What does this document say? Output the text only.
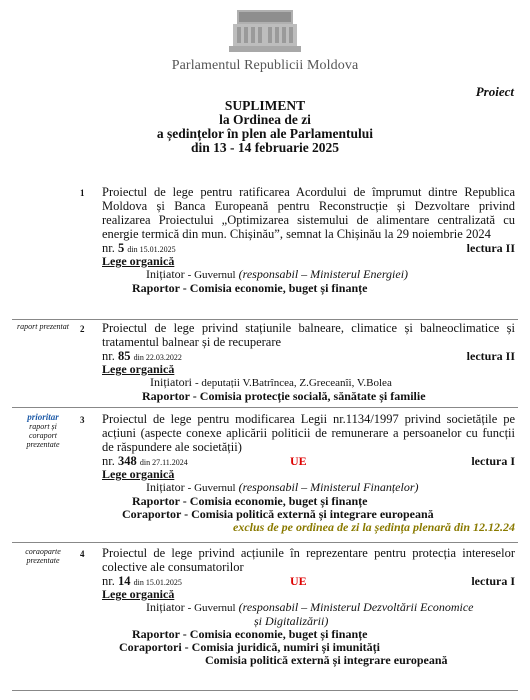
Parlamentul Republicii Moldova
Proiect
SUPLIMENT
la Ordinea de zi
a ședințelor în plen ale Parlamentului
din 13 - 14 februarie 2025
1 Proiectul de lege pentru ratificarea Acordului de împrumut dintre Republica Moldova și Banca Europeană pentru Reconstrucție și Dezvoltare privind realizarea Proiectului „Optimizarea sistemului de alimentare centralizată cu energie termică din mun. Chișinău”, semnat la Chișinău la 29 noiembrie 2024
nr. 5 din 15.01.2025	lectura II
Lege organică
Inițiator - Guvernul (responsabil – Ministerul Energiei)
Raportor - Comisia economie, buget și finanțe
raport prezentat	2 Proiectul de lege privind stațiunile balneare, climatice și balneoclimatice și tratamentul balnear și de recuperare
nr. 85 din 22.03.2022	lectura II
Lege organică
Inițiatori - deputații V.Batrîncea, Z.Greceanîi, V.Bolea
Raportor - Comisia protecție socială, sănătate și familie
prioritar
raport și coraport prezentate
3 Proiectul de lege pentru modificarea Legii nr.1134/1997 privind societățile pe acțiuni (aspecte conexe aplicării politicii de remunerare a persoanelor cu funcții de răspundere ale societății)
nr. 348 din 27.11.2024	UE	lectura I
Lege organică
Inițiator - Guvernul (responsabil – Ministerul Finanțelor)
Raportor - Comisia economie, buget și finanțe
Coraportor - Comisia politică externă și integrare europeană
exclus de pe ordinea de zi la ședința plenară din 12.12.24
coraoparte prezentate
4 Proiectul de lege privind acțiunile în reprezentare pentru protecția intereselor colective ale consumatorilor
nr. 14 din 15.01.2025	UE	lectura I
Lege organică
Inițiator - Guvernul (responsabil – Ministerul Dezvoltării Economice
și Digitalizării)
Raportor - Comisia economie, buget și finanțe
Coraportori - Comisia juridică, numiri și imunități
Comisia politică externă și integrare europeană
